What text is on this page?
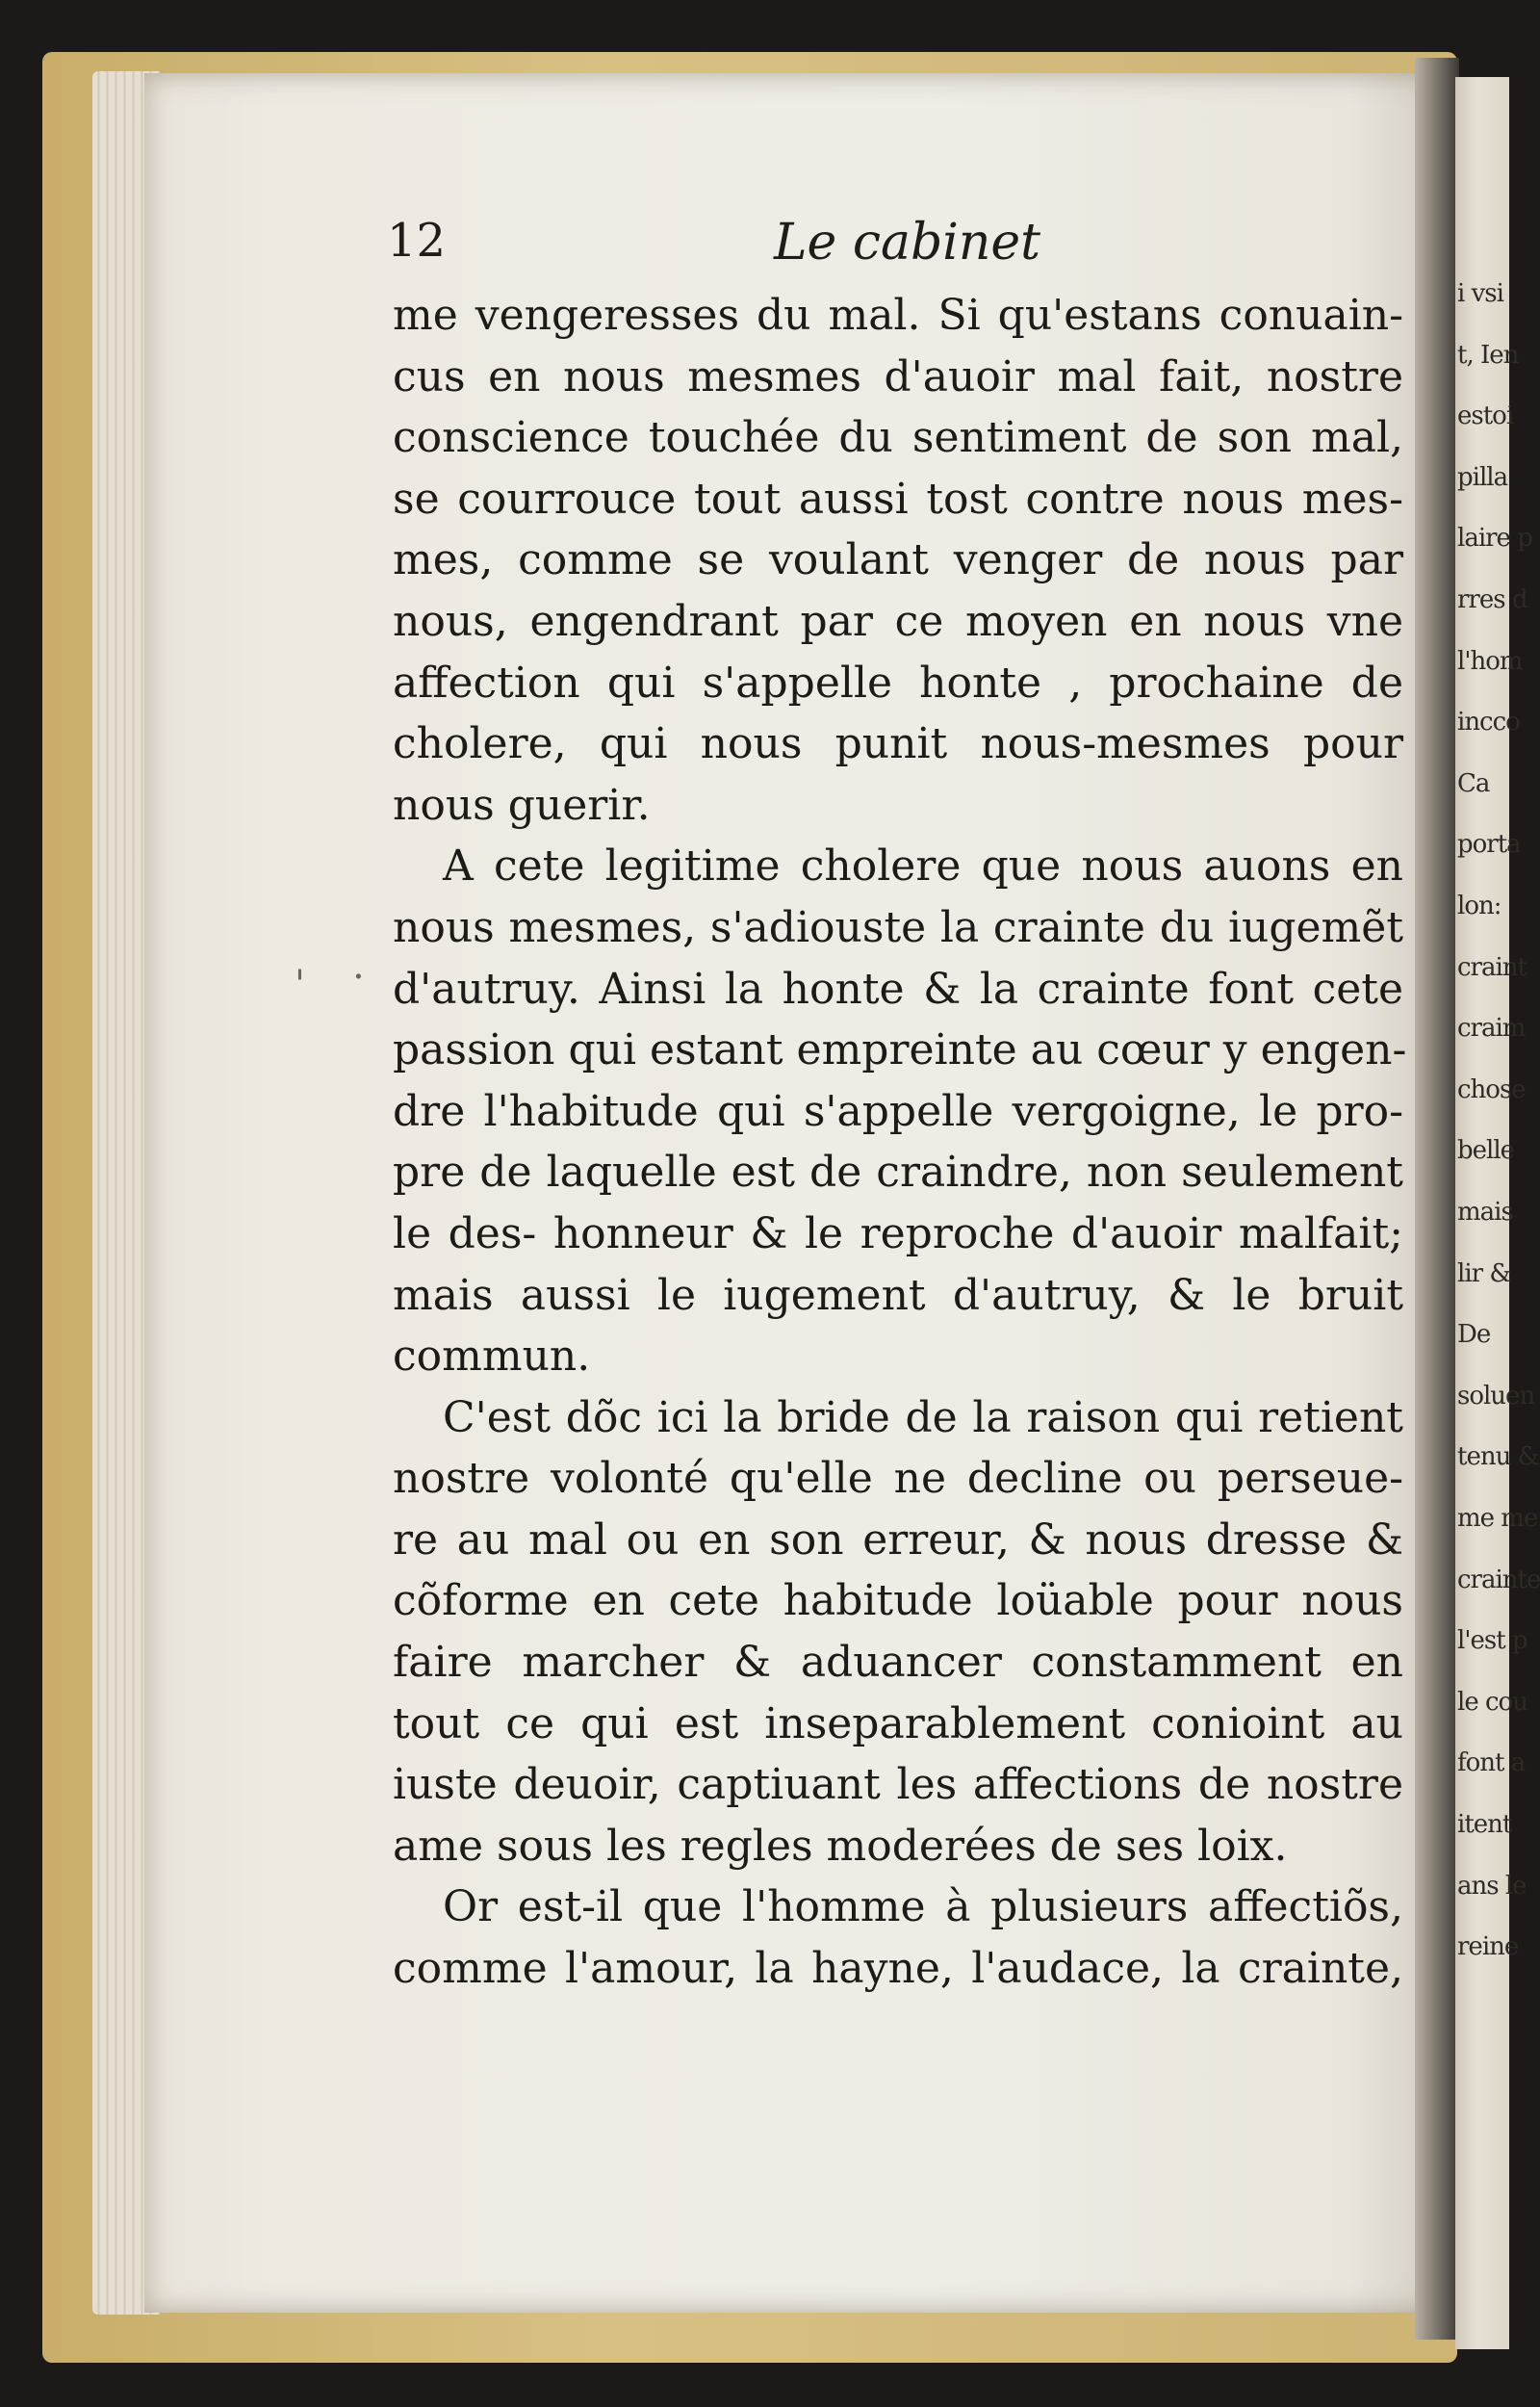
i vsi
t, Ien
estoi
pilla
laire p
rres d
l'hom
incco
Ca
porta
lon:
craint
craim
chose
belle
mais
lir &
De
soluen
tenu &
me me
crainte
l'est p
le cou
font a
itent
ans le
reine
12	Le cabinet
me vengeresses du mal. Si qu'estans conuain-
cus en nous mesmes d'auoir mal fait, nostre
conscience touchée du sentiment de son mal,
se courrouce tout aussi tost contre nous mes-
mes, comme se voulant venger de nous par
nous, engendrant par ce moyen en nous vne
affection qui s'appelle honte , prochaine de
cholere, qui nous punit nous-mesmes pour
nous guerir.
A cete legitime cholere que nous auons en
nous mesmes, s'adiouste la crainte du iugemẽt
d'autruy. Ainsi la honte & la crainte font cete
passion qui estant empreinte au cœur y engen-
dre l'habitude qui s'appelle vergoigne, le pro-
pre de laquelle est de craindre, non seulement
le des- honneur & le reproche d'auoir malfait;
mais aussi le iugement d'autruy, & le bruit
commun.
C'est dõc ici la bride de la raison qui retient
nostre volonté qu'elle ne decline ou perseue-
re au mal ou en son erreur, & nous dresse &
cõforme en cete habitude loüable pour nous
faire marcher & aduancer constamment en
tout ce qui est inseparablement conioint au
iuste deuoir, captiuant les affections de nostre
ame sous les regles moderées de ses loix.
Or est-il que l'homme à plusieurs affectiõs,
comme l'amour, la hayne, l'audace, la crainte,
.
'
